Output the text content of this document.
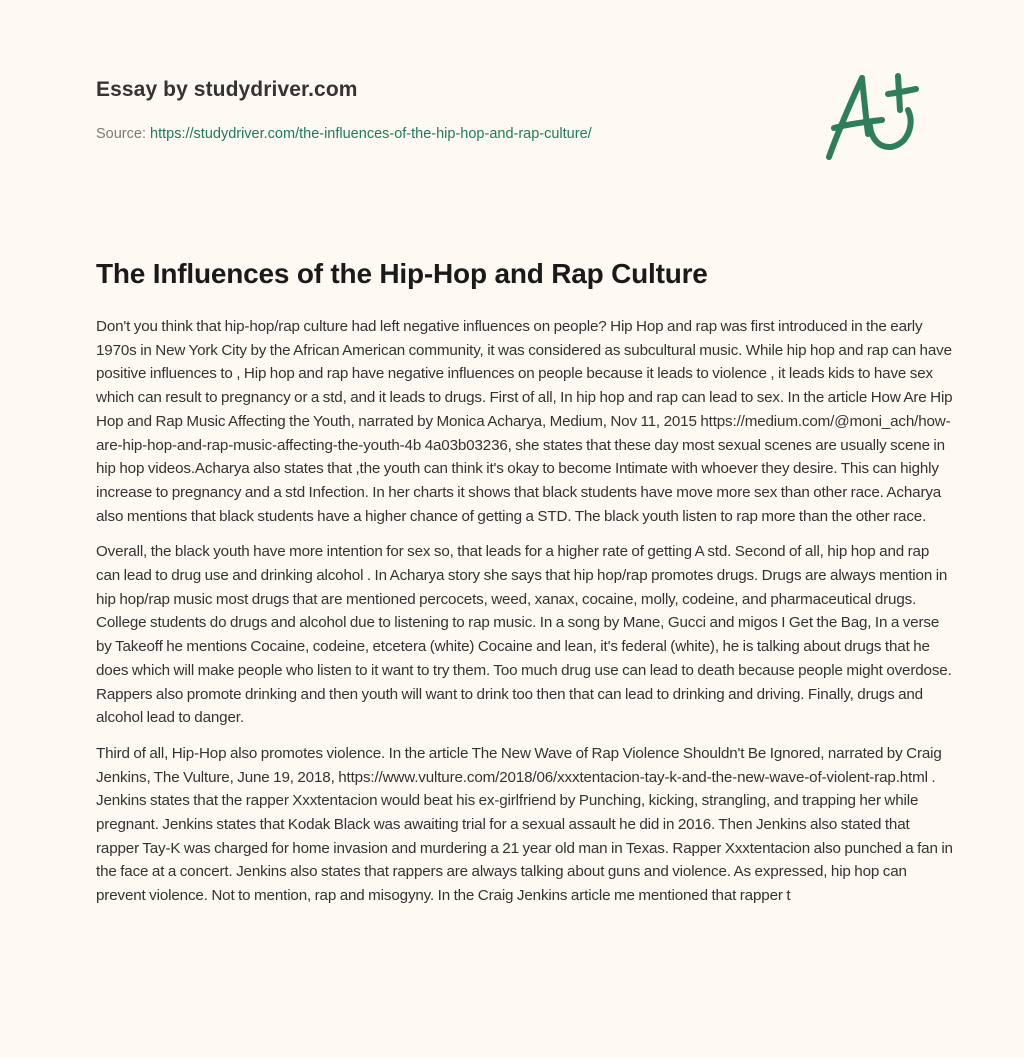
Essay by studydriver.com
Source: https://studydriver.com/the-influences-of-the-hip-hop-and-rap-culture/
The Influences of the Hip-Hop and Rap Culture

Don't you think that hip-hop/rap culture had left negative influences on people? Hip Hop and rap was first introduced in the early 1970s in New York City by the African American community, it was considered as subcultural music. While hip hop and rap can have positive influences to , Hip hop and rap have negative influences on people because it leads to violence , it leads kids to have sex which can result to pregnancy or a std, and it leads to drugs. First of all, In hip hop and rap can lead to sex. In the article How Are Hip Hop and Rap Music Affecting the Youth, narrated by Monica Acharya, Medium, Nov 11, 2015 https://medium.com/@moni_ach/how-are-hip-hop-and-rap-music-affecting-the-youth-4b 4a03b03236, she states that these day most sexual scenes are usually scene in hip hop videos.Acharya also states that ,the youth can think it's okay to become Intimate with whoever they desire. This can highly increase to pregnancy and a std Infection. In her charts it shows that black students have move more sex than other race. Acharya also mentions that black students have a higher chance of getting a STD. The black youth listen to rap more than the other race.

Overall, the black youth have more intention for sex so, that leads for a higher rate of getting A std. Second of all, hip hop and rap can lead to drug use and drinking alcohol . In Acharya story she says that hip hop/rap promotes drugs. Drugs are always mention in hip hop/rap music most drugs that are mentioned percocets, weed, xanax, cocaine, molly, codeine, and pharmaceutical drugs. College students do drugs and alcohol due to listening to rap music. In a song by Mane, Gucci and migos I Get the Bag, In a verse by Takeoff he mentions Cocaine, codeine, etcetera (white) Cocaine and lean, it's federal (white), he is talking about drugs that he does which will make people who listen to it want to try them. Too much drug use can lead to death because people might overdose. Rappers also promote drinking and then youth will want to drink too then that can lead to drinking and driving. Finally, drugs and alcohol lead to danger.

Third of all, Hip-Hop also promotes violence. In the article The New Wave of Rap Violence Shouldn't Be Ignored, narrated by Craig Jenkins, The Vulture, June 19, 2018, https://www.vulture.com/2018/06/xxxtentacion-tay-k-and-the-new-wave-of-violent-rap.html . Jenkins states that the rapper Xxxtentacion would beat his ex-girlfriend by Punching, kicking, strangling, and trapping her while pregnant. Jenkins states that Kodak Black was awaiting trial for a sexual assault he did in 2016. Then Jenkins also stated that rapper Tay-K was charged for home invasion and murdering a 21 year old man in Texas. Rapper Xxxtentacion also punched a fan in the face at a concert. Jenkins also states that rappers are always talking about guns and violence. As expressed, hip hop can prevent violence. Not to mention, rap and misogyny. In the Craig Jenkins article me mentioned that rapper t
